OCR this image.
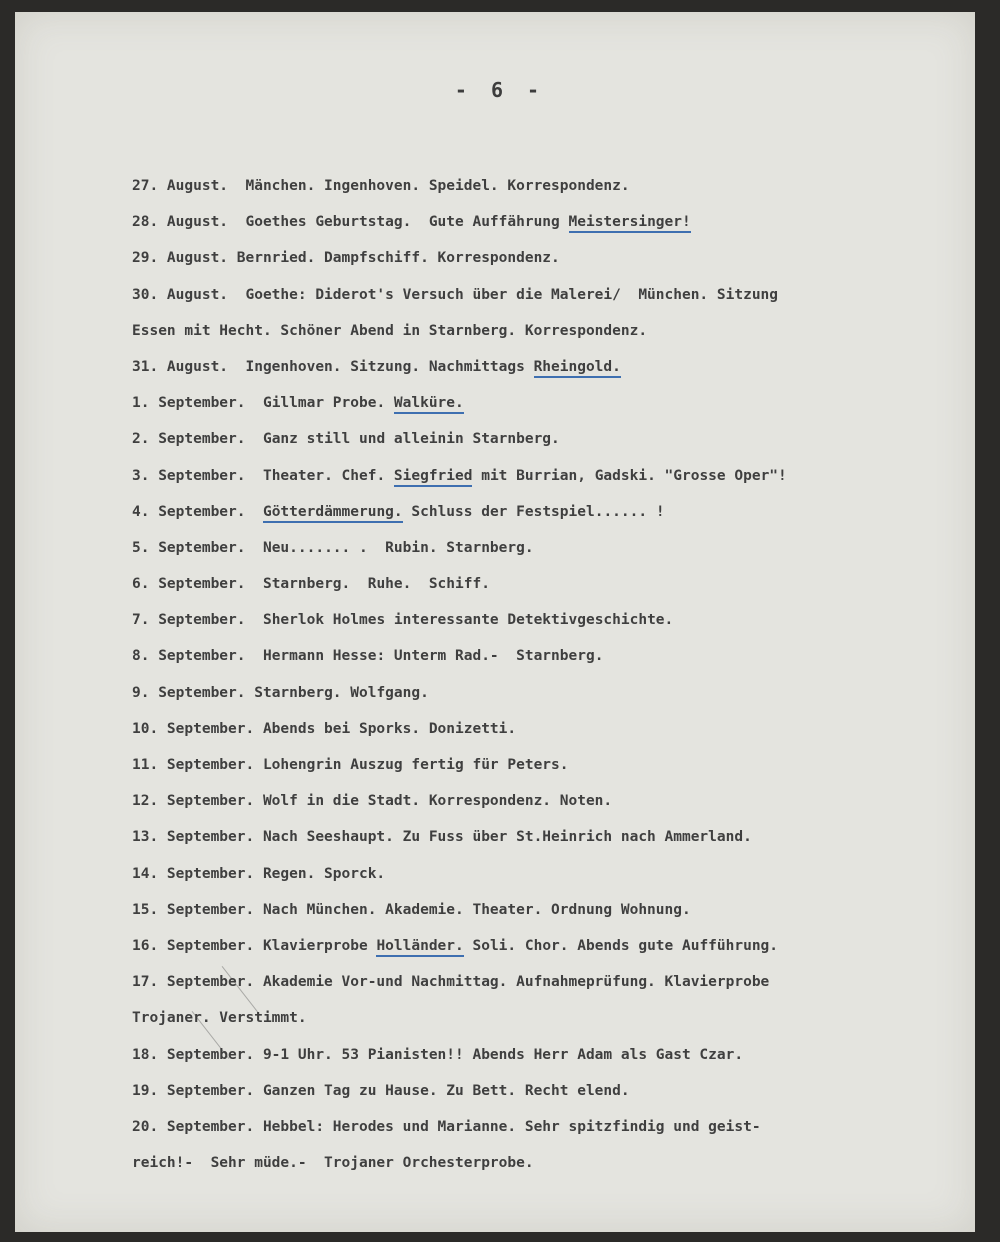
- 6 -
27. August.  Mänchen. Ingenhoven. Speidel. Korrespondenz.
28. August.  Goethes Geburtstag.  Gute Auffährung Meistersinger!
29. August. Bernried. Dampfschiff. Korrespondenz.
30. August.  Goethe: Diderot's Versuch über die Malerei/  München. Sitzung
Essen mit Hecht. Schöner Abend in Starnberg. Korrespondenz.
31. August.  Ingenhoven. Sitzung. Nachmittags Rheingold.
1. September.  Gillmar Probe. Walküre.
2. September.  Ganz still und alleinin Starnberg.
3. September.  Theater. Chef. Siegfried mit Burrian, Gadski. "Grosse Oper"!
4. September. Götterdämmerung. Schluss der Festspiel...... !
5. September.  Neu....... .  Rubin. Starnberg.
6. September.  Starnberg.  Ruhe.  Schiff.
7. September.  Sherlok Holmes interessante Detektivgeschichte.
8. September.  Hermann Hesse: Unterm Rad.-  Starnberg.
9. September. Starnberg. Wolfgang.
10. September. Abends bei Sporks. Donizetti.
11. September. Lohengrin Auszug fertig für Peters.
12. September. Wolf in die Stadt. Korrespondenz. Noten.
13. September. Nach Seeshaupt. Zu Fuss über St.Heinrich nach Ammerland.
14. September. Regen. Sporck.
15. September. Nach München. Akademie. Theater. Ordnung Wohnung.
16. September. Klavierprobe Holländer. Soli. Chor. Abends gute Aufführung.
17. September. Akademie Vor-und Nachmittag. Aufnahmeprüfung. Klavierprobe
Trojaner. Verstimmt.
18. September. 9-1 Uhr. 53 Pianisten!! Abends Herr Adam als Gast Czar.
19. September. Ganzen Tag zu Hause. Zu Bett. Recht elend.
20. September. Hebbel: Herodes und Marianne. Sehr spitzfindig und geist-
reich!-  Sehr müde.-  Trojaner Orchesterprobe.
